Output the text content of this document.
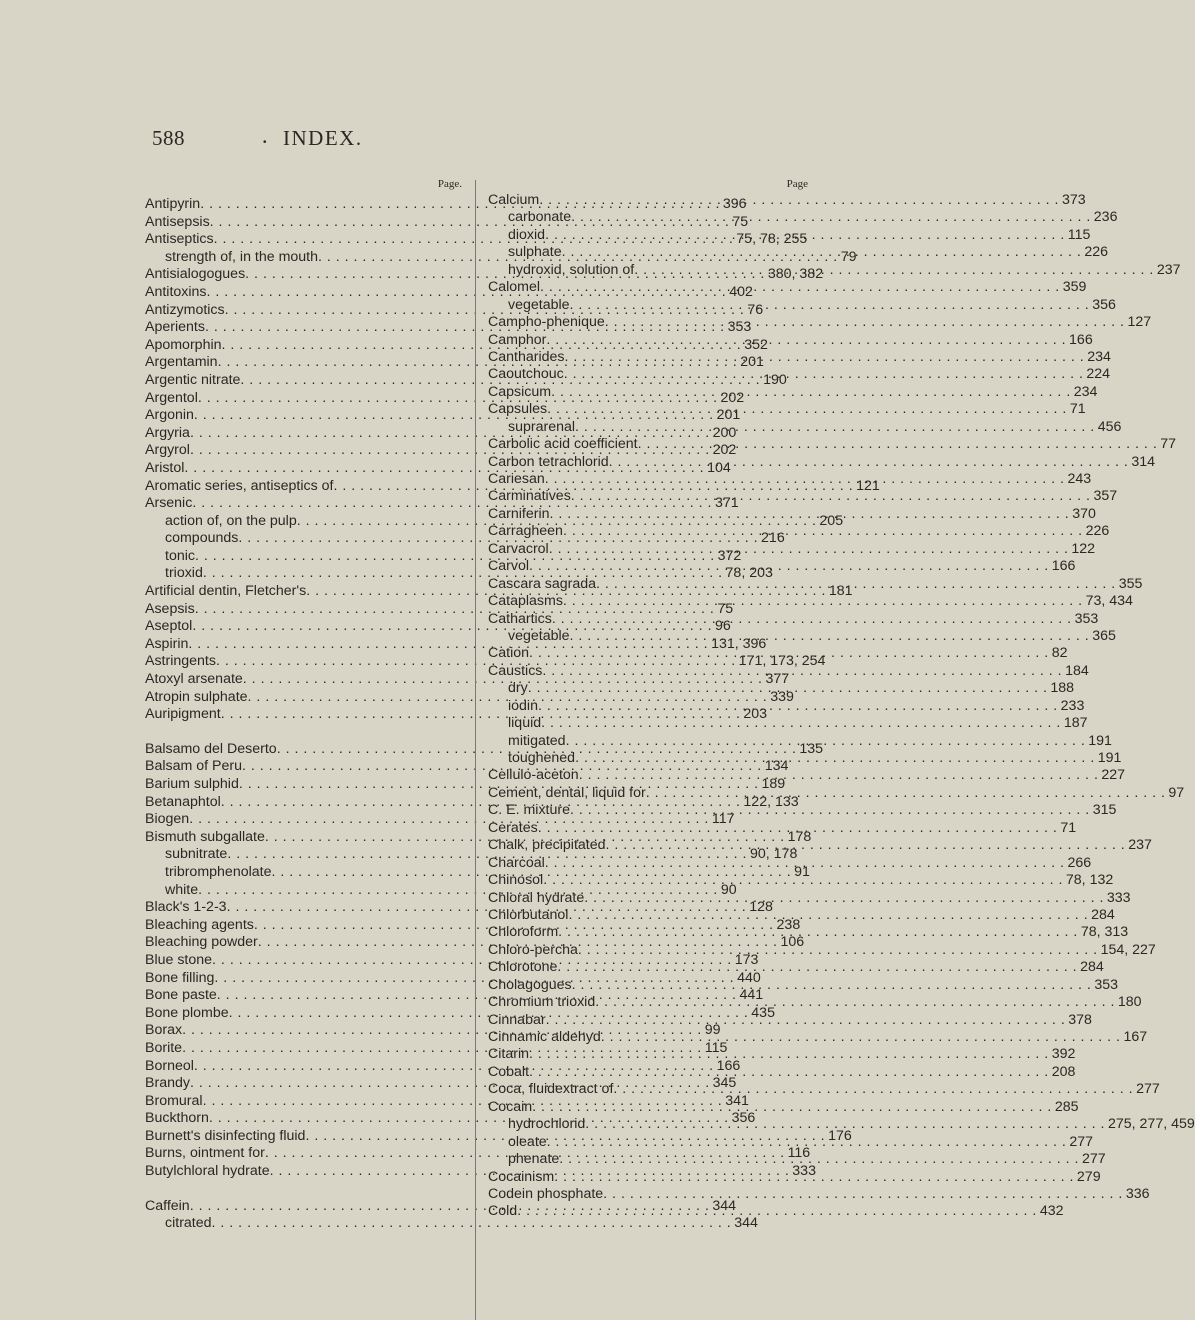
588	• INDEX.
Page.
Antipyrin . . .	396
Antisepsis . . .	75
Antiseptics . . .	75, 78, 255
strength of, in the mouth . . .	79
Antisialogogues . . .	380, 382
Antitoxins . . .	402
Antizymotics . . .	76
Aperients . . .	353
Apomorphin . . .	352
Argentamin . . .	201
Argentic nitrate . . .	190
Argentol . . .	202
Argonin . . .	201
Argyria . . .	200
Argyrol . . .	202
Aristol . . .	104
Aromatic series, antiseptics of . . .	121
Arsenic . . .	371
action of, on the pulp . . .	205
compounds . . .	216
tonic . . .	372
trioxid . . .	78, 203
Artificial dentin, Fletcher's . . .	181
Asepsis . . .	75
Aseptol . . .	96
Aspirin . . .	131, 396
Astringents . . .	171, 173, 254
Atoxyl arsenate . . .	377
Atropin sulphate . . .	339
Auripigment . . .	203
Balsamo del Deserto . . .	135
Balsam of Peru . . .	134
Barium sulphid . . .	189
Betanaphtol . . .	122, 133
Biogen . . .	117
Bismuth subgallate . . .	178
subnitrate . . .	90, 178
tribromphenolate . . .	91
white . . .	90
Black's 1-2-3 . . .	128
Bleaching agents . . .	238
Bleaching powder . . .	106
Blue stone . . .	173
Bone filling . . .	440
Bone paste . . .	441
Bone plombe . . .	435
Borax . . .	99
Borite . . .	115
Borneol . . .	166
Brandy . . .	345
Bromural . . .	341
Buckthorn . . .	356
Burnett's disinfecting fluid . . .	176
Burns, ointment for . . .	116
Butylchloral hydrate . . .	333
Caffein . . .	344
citrated . . .	344
Page
Calcium . . .	373
carbonate . . .	236
dioxid . . .	115
sulphate . . .	226
hydroxid, solution of . . .	237
Calomel . . .	359
vegetable . . .	356
Campho-phenique . . .	127
Camphor . . .	166
Cantharides . . .	234
Caoutchouc . . .	224
Capsicum . . .	234
Capsules . . .	71
suprarenal . . .	456
Carbolic acid coefficient . . .	77
Carbon tetrachlorid . . .	314
Cariesan . . .	243
Carminatives . . .	357
Carniferin . . .	370
Carragheen . . .	226
Carvacrol . . .	122
Carvol . . .	166
Cascara sagrada . . .	355
Cataplasms . . .	73, 434
Cathartics . . .	353
vegetable . . .	365
Cation . . .	82
Caustics . . .	184
dry . . .	188
iodin . . .	233
liquid . . .	187
mitigated . . .	191
toughened . . .	191
Cellulo-aceton . . .	227
Cement, dental, liquid for . . .	97
C. E. mixture . . .	315
Cerates . . .	71
Chalk, precipitated . . .	237
Charcoal . . .	266
Chinosol . . .	78, 132
Chloral hydrate . . .	333
Chlorbutanol . . .	284
Chloroform . . .	78, 313
Chloro-percha . . .	154, 227
Chlorotone . . .	284
Cholagogues . . .	353
Chromium trioxid . . .	180
Cinnabar . . .	378
Cinnamic aldehyd . . .	167
Citarin . . .	392
Cobalt . . .	208
Coca, fluidextract of . . .	277
Cocain . . .	285
hydrochlorid . . .	275, 277, 459
oleate . . .	277
phenate . . .	277
Cocainism . . .	279
Codein phosphate . . .	336
Cold . . .	432
